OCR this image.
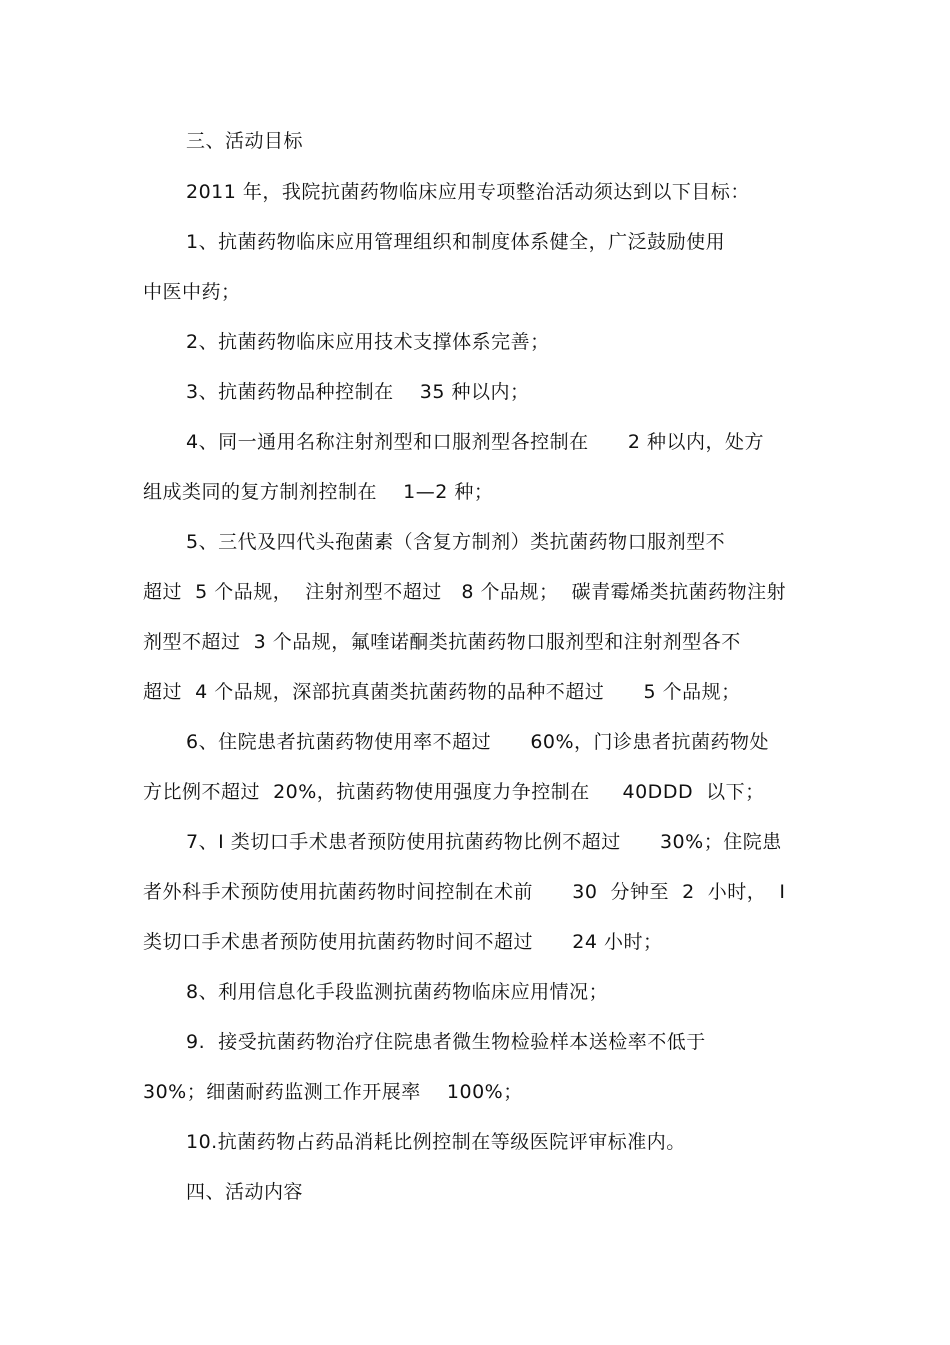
三、活动目标
2011 年，我院抗菌药物临床应用专项整治活动须达到以下目标：
1、抗菌药物临床应用管理组织和制度体系健全，广泛鼓励使用
中医中药；
2、抗菌药物临床应用技术支撑体系完善；
3、抗菌药物品种控制在    35 种以内；
4、同一通用名称注射剂型和口服剂型各控制在      2 种以内，处方
组成类同的复方制剂控制在    1—2 种；
5、三代及四代头孢菌素（含复方制剂）类抗菌药物口服剂型不
超过  5 个品规，  注射剂型不超过   8 个品规；  碳青霉烯类抗菌药物注射
剂型不超过  3 个品规，氟喹诺酮类抗菌药物口服剂型和注射剂型各不
超过  4 个品规，深部抗真菌类抗菌药物的品种不超过      5 个品规；
6、住院患者抗菌药物使用率不超过      60%，门诊患者抗菌药物处
方比例不超过  20%，抗菌药物使用强度力争控制在     40DDD  以下；
7、I 类切口手术患者预防使用抗菌药物比例不超过      30%；住院患
者外科手术预防使用抗菌药物时间控制在术前      30  分钟至  2  小时，  I
类切口手术患者预防使用抗菌药物时间不超过      24 小时；
8、利用信息化手段监测抗菌药物临床应用情况；
9.  接受抗菌药物治疗住院患者微生物检验样本送检率不低于
30%；细菌耐药监测工作开展率    100%；
10.抗菌药物占药品消耗比例控制在等级医院评审标准内。
四、活动内容
